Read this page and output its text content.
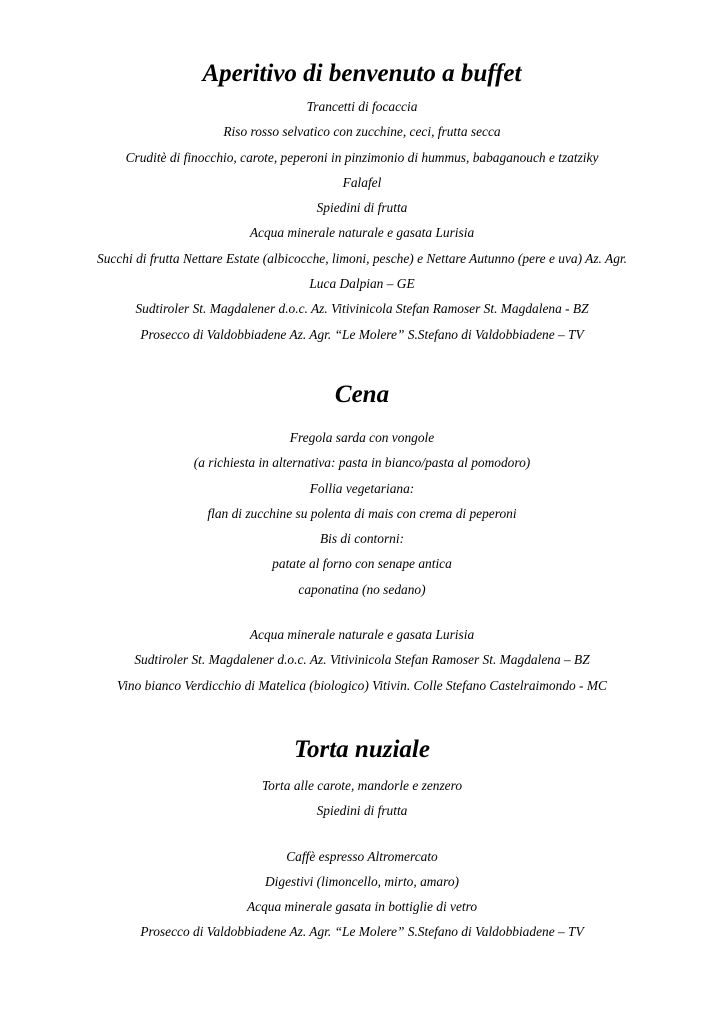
Aperitivo di benvenuto a buffet

Trancetti di focaccia

Riso rosso selvatico con zucchine, ceci, frutta secca

Cruditè di finocchio, carote, peperoni in pinzimonio di hummus, babaganouch e tzatziky

Falafel

Spiedini di frutta

Acqua minerale naturale e gasata Lurisia

Succhi di frutta Nettare Estate (albicocche, limoni, pesche) e Nettare Autunno (pere e uva) Az. Agr.

Luca Dalpian – GE

Sudtiroler St. Magdalener d.o.c. Az. Vitivinicola Stefan Ramoser St. Magdalena - BZ

Prosecco di Valdobbiadene Az. Agr. “Le Molere” S.Stefano di Valdobbiadene – TV

Cena

Fregola sarda con vongole

(a richiesta in alternativa: pasta in bianco/pasta al pomodoro)

Follia vegetariana:

flan di zucchine su polenta di mais con crema di peperoni

Bis di contorni:

patate al forno con senape antica

caponatina (no sedano)

Acqua minerale naturale e gasata Lurisia

Sudtiroler St. Magdalener d.o.c. Az. Vitivinicola Stefan Ramoser St. Magdalena – BZ

Vino bianco Verdicchio di Matelica (biologico) Vitivin. Colle Stefano Castelraimondo - MC

Torta nuziale

Torta alle carote, mandorle e zenzero

Spiedini di frutta

Caffè espresso Altromercato

Digestivi (limoncello, mirto, amaro)

Acqua minerale gasata in bottiglie di vetro

Prosecco di Valdobbiadene Az. Agr. “Le Molere” S.Stefano di Valdobbiadene – TV
